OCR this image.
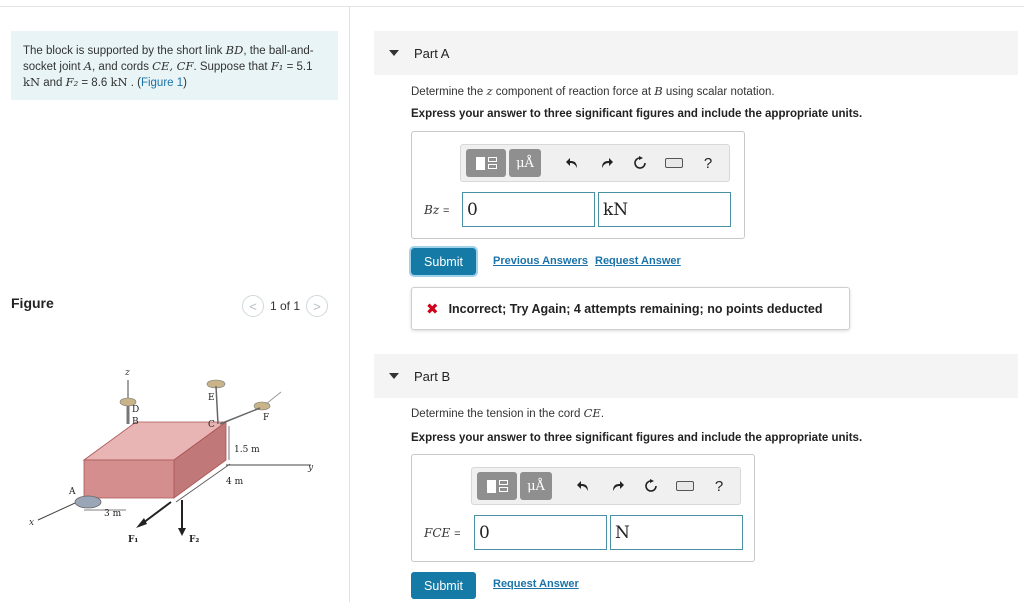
The block is supported by the short link BD, the ball-and-socket joint A, and cords CE, CF. Suppose that F₁ = 5.1 kN and F₂ = 8.6 kN . (Figure 1)
Figure	<	1 of 1	>
z
x
y
D
B
E
C
F
A
1.5 m
4 m
3 m
F₁	F₂
Part A
Determine the z component of reaction force at B using scalar notation.
Express your answer to three significant figures and include the appropriate units.
μÅ	?
Bz =	0	kN
Submit	Previous Answers Request Answer
✖ Incorrect; Try Again; 4 attempts remaining; no points deducted
Part B
Determine the tension in the cord CE.
Express your answer to three significant figures and include the appropriate units.
μÅ	?
FCE =	0	N
Submit	Request Answer
